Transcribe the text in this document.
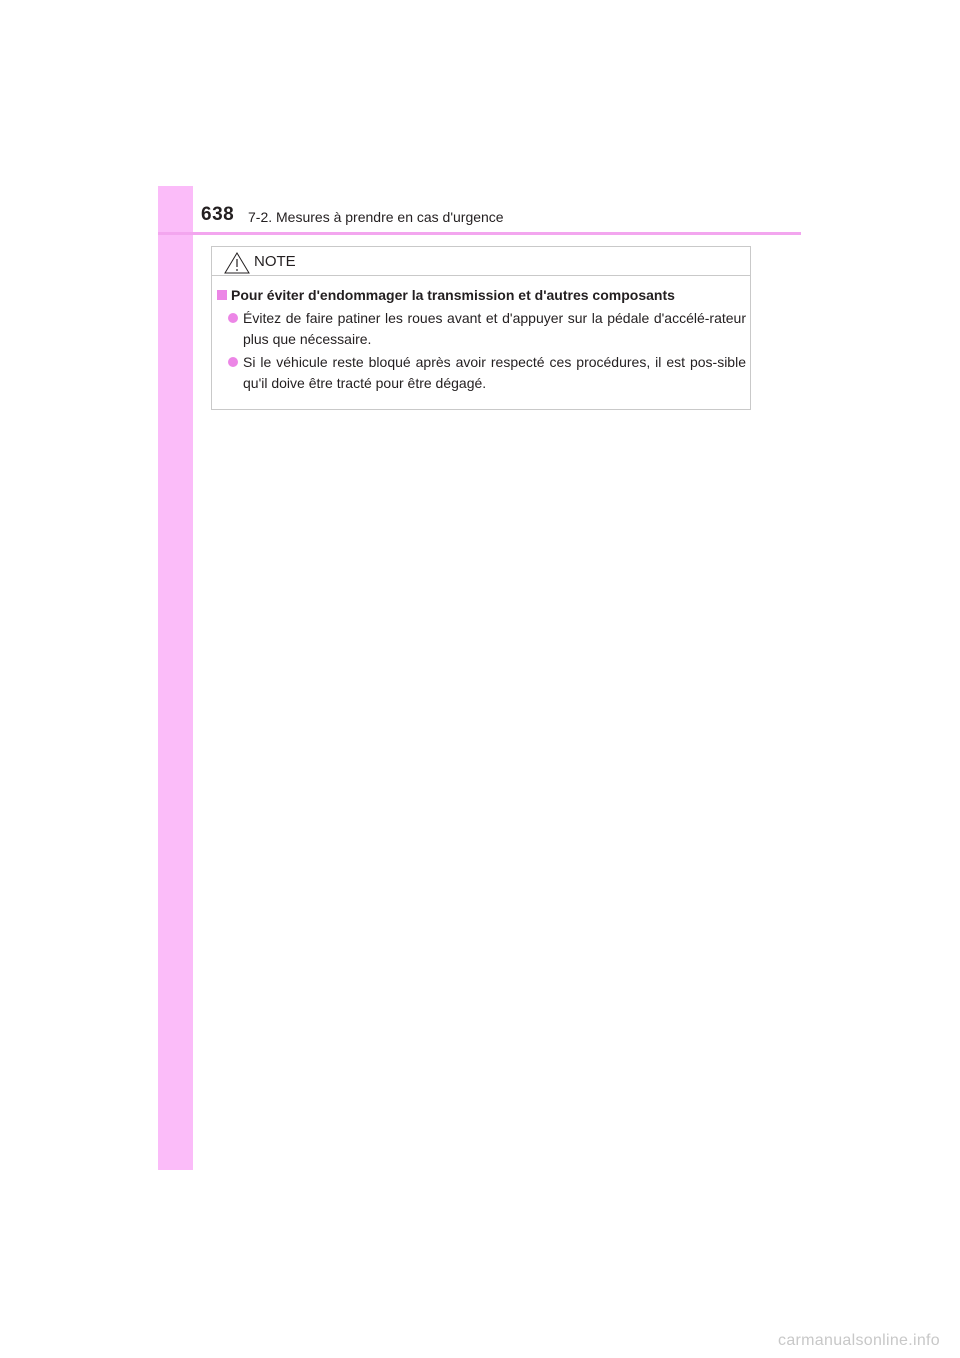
638 7-2. Mesures à prendre en cas d'urgence
NOTE
Pour éviter d'endommager la transmission et d'autres composants
Évitez de faire patiner les roues avant et d'appuyer sur la pédale d'accélé-rateur plus que nécessaire.
Si le véhicule reste bloqué après avoir respecté ces procédures, il est pos-sible qu'il doive être tracté pour être dégagé.
carmanualsonline.info
